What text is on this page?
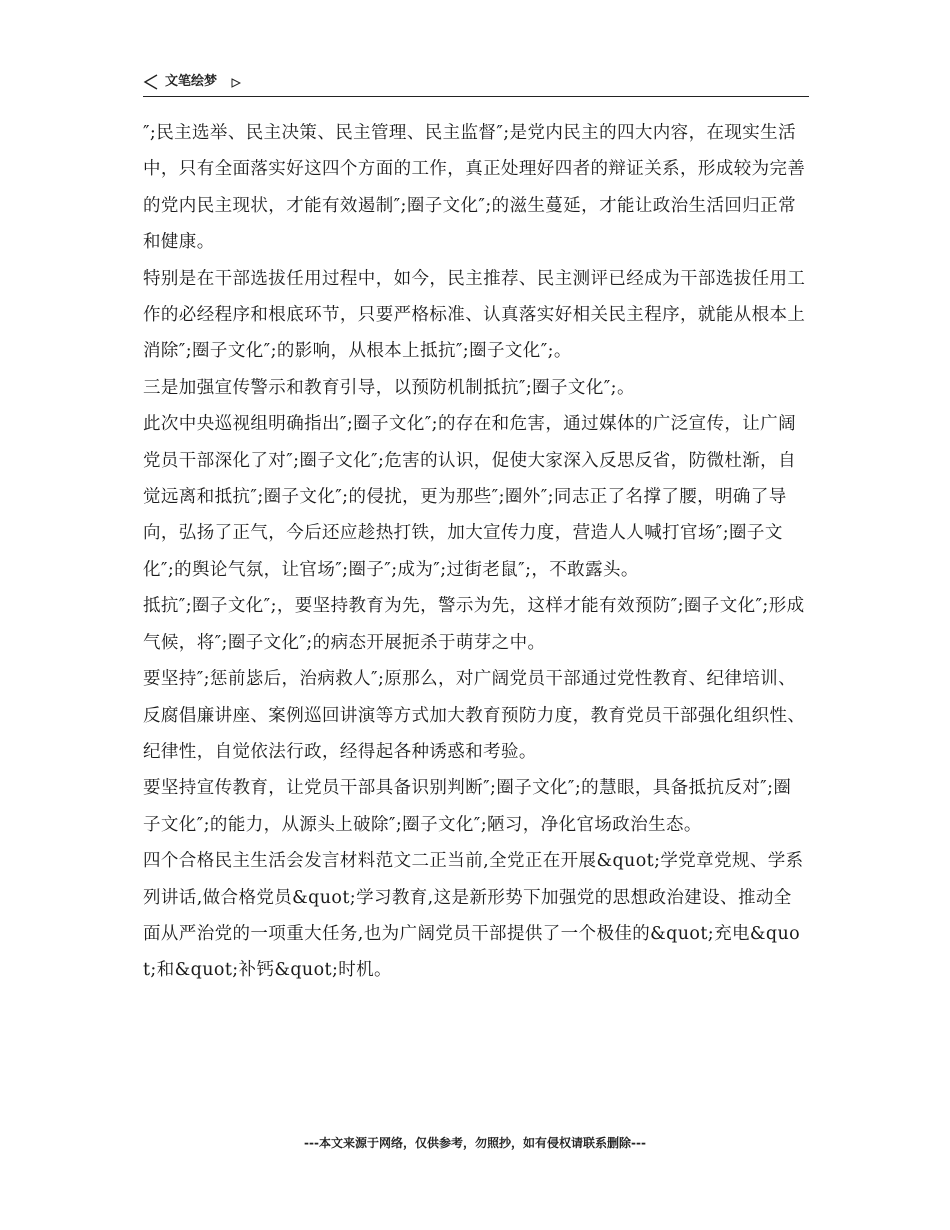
文笔绘梦

″;民主选举、民主决策、民主管理、民主监督″;是党内民主的四大内容，在现实生活中，只有全面落实好这四个方面的工作，真正处理好四者的辩证关系，形成较为完善的党内民主现状，才能有效遏制″;圈子文化″;的滋生蔓延，才能让政治生活回归正常和健康。

特别是在干部选拔任用过程中，如今，民主推荐、民主测评已经成为干部选拔任用工作的必经程序和根底环节，只要严格标准、认真落实好相关民主程序，就能从根本上消除″;圈子文化″;的影响，从根本上抵抗″;圈子文化″;。

三是加强宣传警示和教育引导，以预防机制抵抗″;圈子文化″;。

此次中央巡视组明确指出″;圈子文化″;的存在和危害，通过媒体的广泛宣传，让广阔党员干部深化了对″;圈子文化″;危害的认识，促使大家深入反思反省，防微杜渐，自觉远离和抵抗″;圈子文化″;的侵扰，更为那些″;圈外″;同志正了名撑了腰，明确了导向，弘扬了正气，今后还应趁热打铁，加大宣传力度，营造人人喊打官场″;圈子文化″;的舆论气氛，让官场″;圈子″;成为″;过街老鼠″;，不敢露头。

抵抗″;圈子文化″;，要坚持教育为先，警示为先，这样才能有效预防″;圈子文化″;形成气候，将″;圈子文化″;的病态开展扼杀于萌芽之中。

要坚持″;惩前毖后，治病救人″;原那么，对广阔党员干部通过党性教育、纪律培训、反腐倡廉讲座、案例巡回讲演等方式加大教育预防力度，教育党员干部强化组织性、纪律性，自觉依法行政，经得起各种诱惑和考验。

要坚持宣传教育，让党员干部具备识别判断″;圈子文化″;的慧眼，具备抵抗反对″;圈子文化″;的能力，从源头上破除″;圈子文化″;陋习，净化官场政治生态。

四个合格民主生活会发言材料范文二正当前,全党正在开展&quot;学党章党规、学系列讲话,做合格党员&quot;学习教育,这是新形势下加强党的思想政治建设、推动全面从严治党的一项重大任务,也为广阔党员干部提供了一个极佳的&quot;充电&quot;和&quot;补钙&quot;时机。

---本文来源于网络，仅供参考，勿照抄，如有侵权请联系删除---
